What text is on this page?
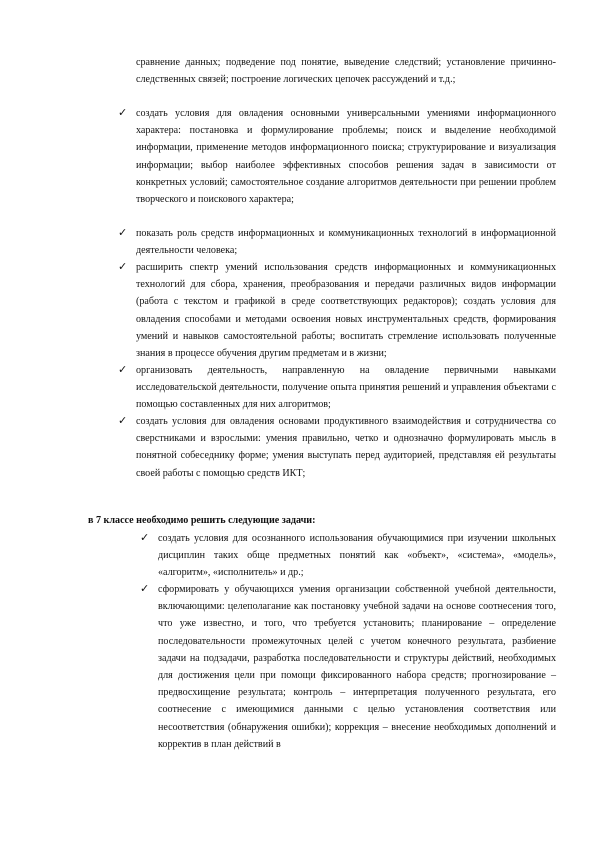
сравнение данных; подведение под понятие, выведение следствий; установление причинно-следственных связей; построение логических цепочек рассуждений и т.д.;
✓ создать условия для овладения основными универсальными умениями информационного характера: постановка и формулирование проблемы; поиск и выделение необходимой информации, применение методов информационного поиска; структурирование и визуализация информации; выбор наиболее эффективных способов решения задач в зависимости от конкретных условий; самостоятельное создание алгоритмов деятельности при решении проблем творческого и поискового характера;
✓ показать роль средств информационных и коммуникационных технологий в информационной деятельности человека;
✓ расширить спектр умений использования средств информационных и коммуникационных технологий для сбора, хранения, преобразования и передачи различных видов информации (работа с текстом и графикой в среде соответствующих редакторов); создать условия для овладения способами и методами освоения новых инструментальных средств, формирования умений и навыков самостоятельной работы; воспитать стремление использовать полученные знания в процессе обучения другим предметам и в жизни;
✓ организовать деятельность, направленную на овладение первичными навыками исследовательской деятельности, получение опыта принятия решений и управления объектами с помощью составленных для них алгоритмов;
✓ создать условия для овладения основами продуктивного взаимодействия и сотрудничества со сверстниками и взрослыми: умения правильно, четко и однозначно формулировать мысль в понятной собеседнику форме; умения выступать перед аудиторией, представляя ей результаты своей работы с помощью средств ИКТ;
в 7 классе необходимо решить следующие задачи:
✓ создать условия для осознанного использования обучающимися при изучении школьных дисциплин таких обще предметных понятий как «объект», «система», «модель», «алгоритм», «исполнитель» и др.;
✓ сформировать у обучающихся умения организации собственной учебной деятельности, включающими: целеполагание как постановку учебной задачи на основе соотнесения того, что уже известно, и того, что требуется установить; планирование – определение последовательности промежуточных целей с учетом конечного результата, разбиение задачи на подзадачи, разработка последовательности и структуры действий, необходимых для достижения цели при помощи фиксированного набора средств; прогнозирование – предвосхищение результата; контроль – интерпретация полученного результата, его соотнесение с имеющимися данными с целью установления соответствия или несоответствия (обнаружения ошибки); коррекция – внесение необходимых дополнений и корректив в план действий в
